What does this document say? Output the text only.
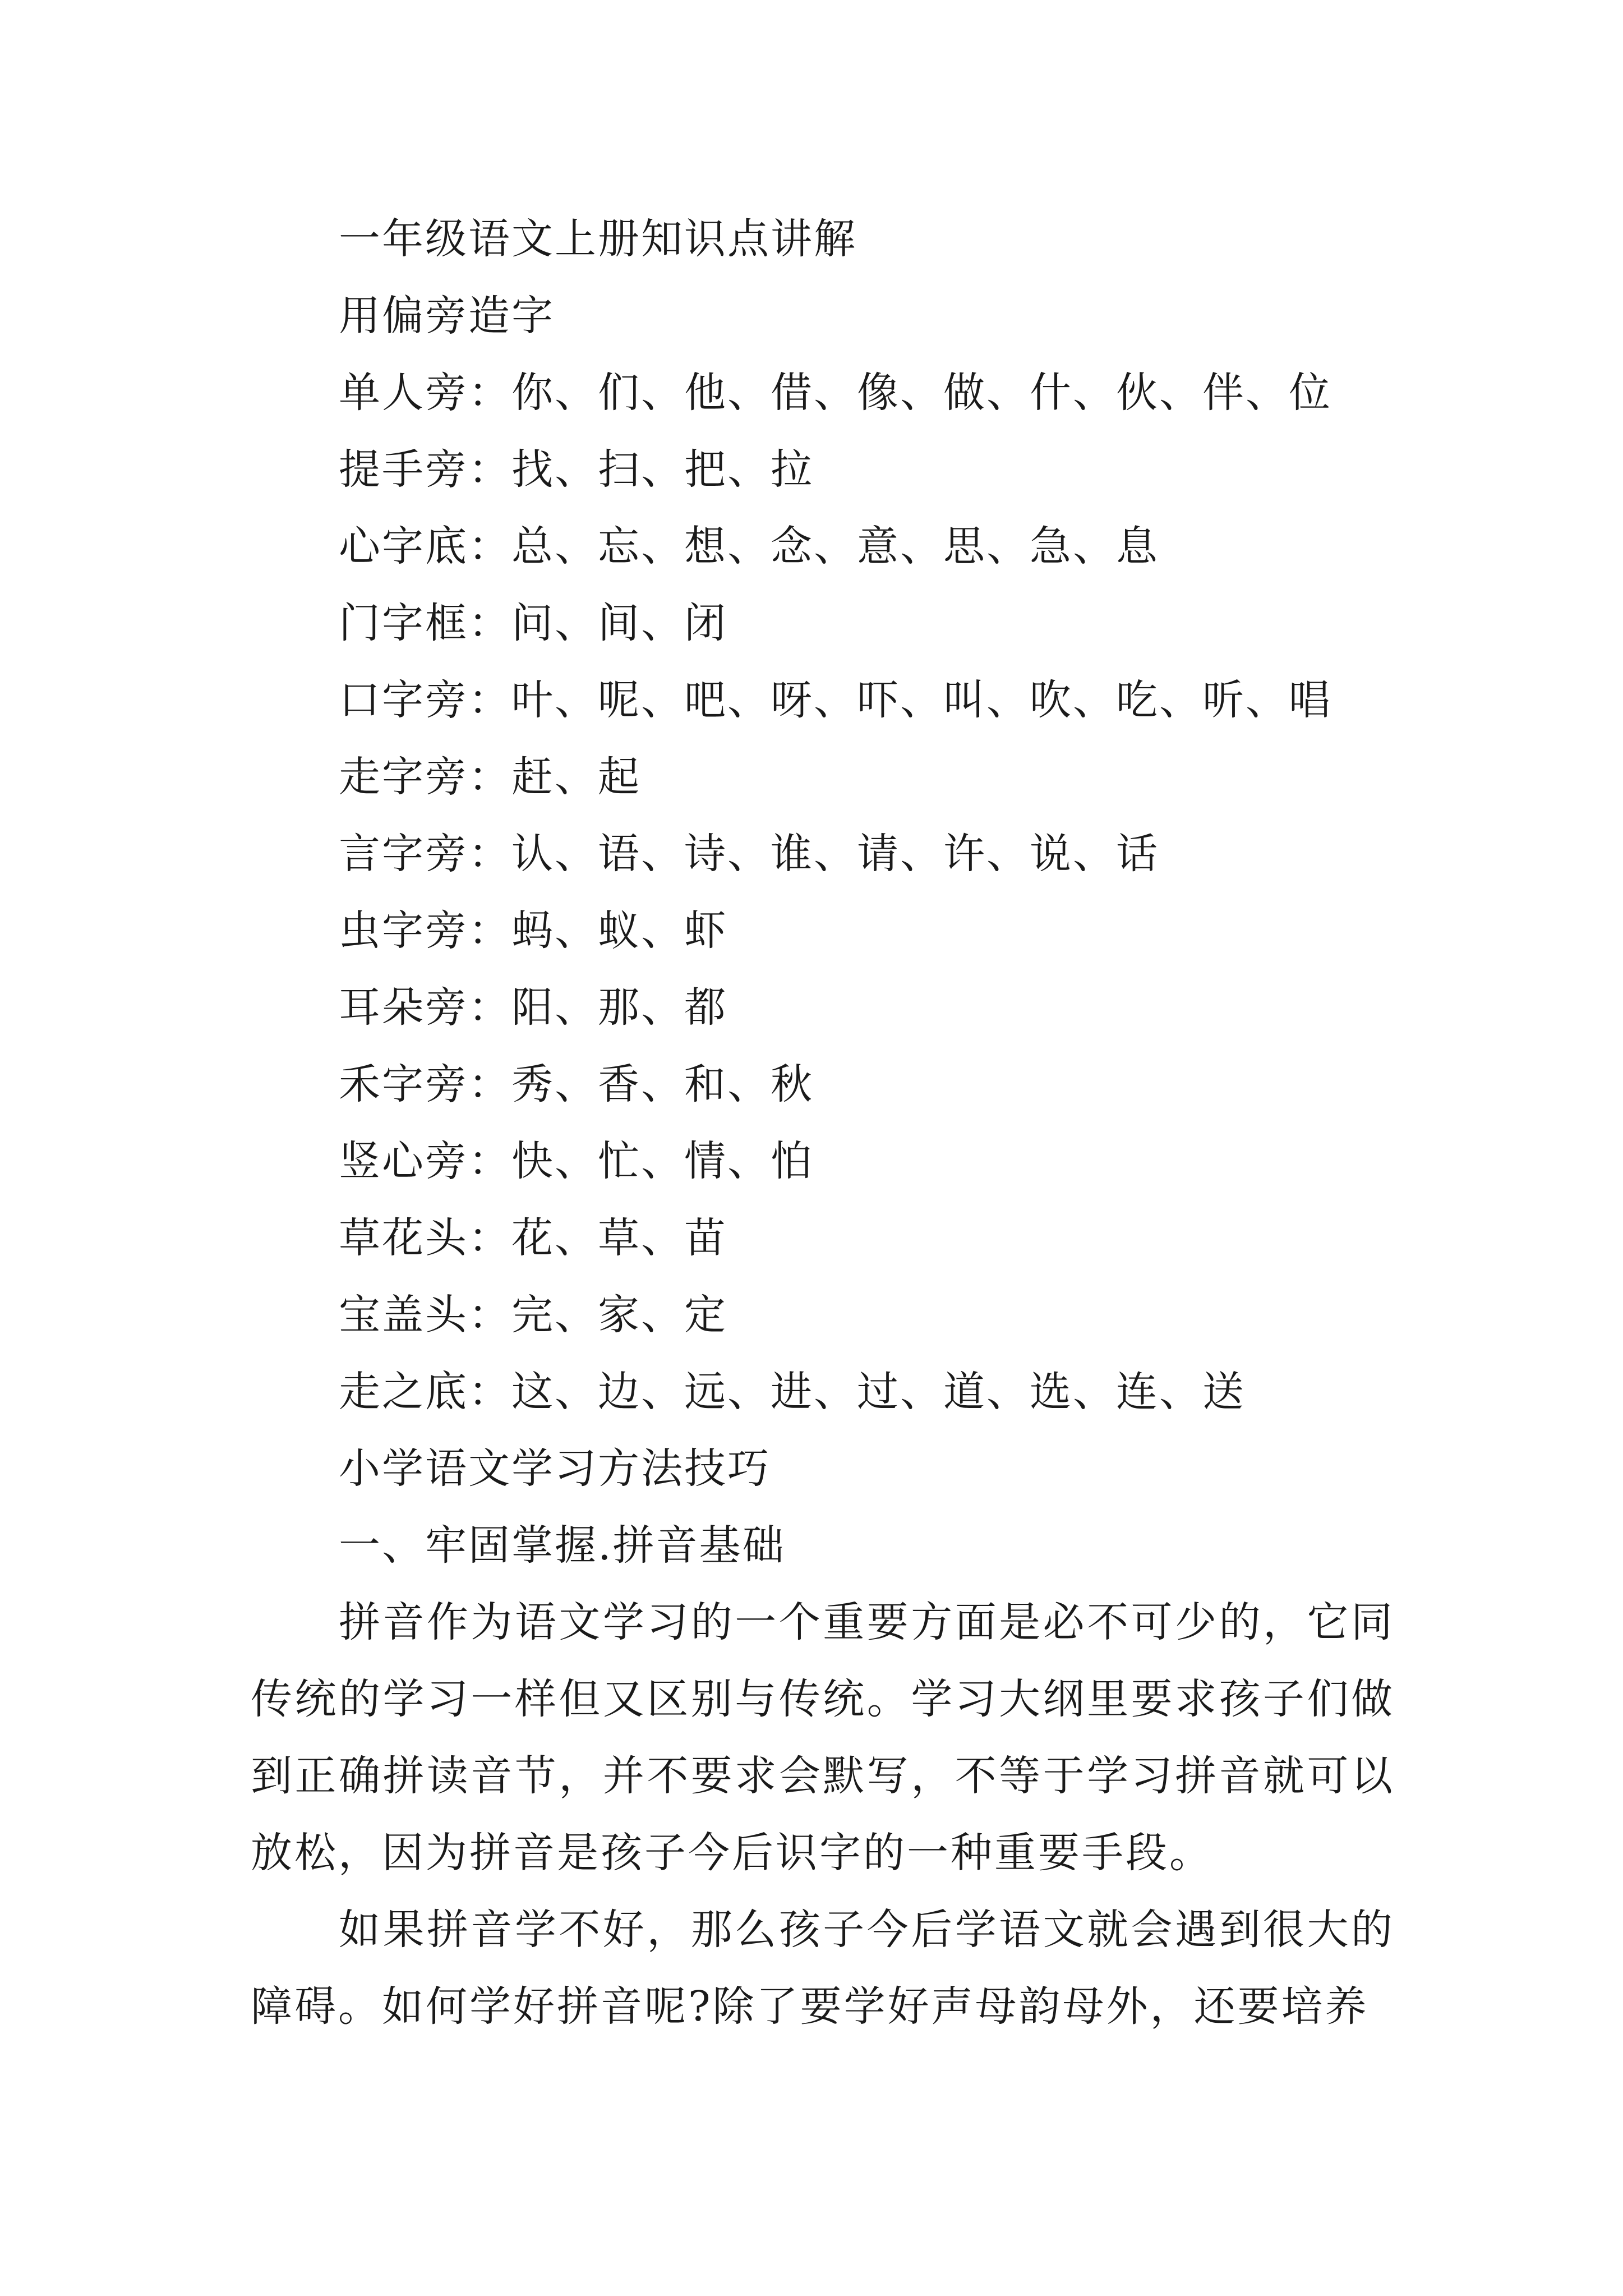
一年级语文上册知识点讲解
用偏旁造字
单人旁：你、们、他、借、像、做、什、伙、伴、位
提手旁：找、扫、把、拉
心字底：总、忘、想、念、意、思、急、息
门字框：问、间、闭
口字旁：叶、呢、吧、呀、吓、叫、吹、吃、听、唱
走字旁：赶、起
言字旁：认、语、诗、谁、请、许、说、话
虫字旁：蚂、蚁、虾
耳朵旁：阳、那、都
禾字旁：秀、香、和、秋
竖心旁：快、忙、情、怕
草花头：花、草、苗
宝盖头：完、家、定
走之底：这、边、远、进、过、道、选、连、送
小学语文学习方法技巧
一、牢固掌握.拼音基础
拼音作为语文学习的一个重要方面是必不可少的，它同传统的学习一样但又区别与传统。学习大纲里要求孩子们做到正确拼读音节，并不要求会默写，不等于学习拼音就可以放松，因为拼音是孩子今后识字的一种重要手段。
如果拼音学不好，那么孩子今后学语文就会遇到很大的障碍。如何学好拼音呢?除了要学好声母韵母外，还要培养
